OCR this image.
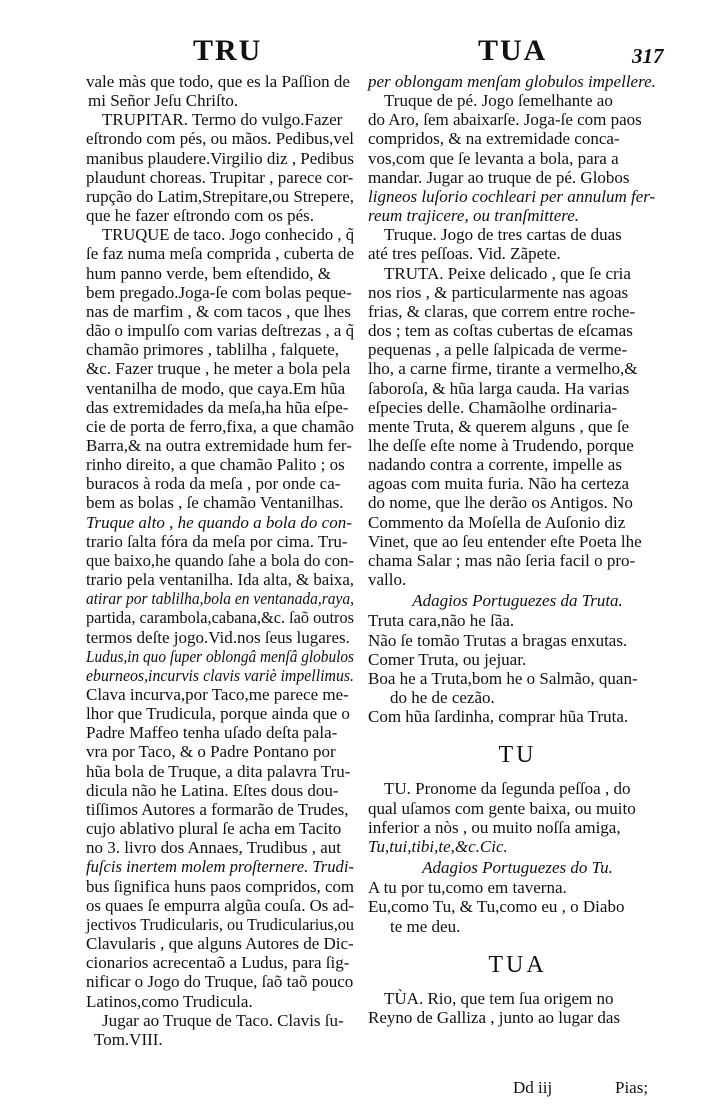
TRU	TUA	317
vale màs que todo, que es la Paſſion de
mi Señor Jeſu Chriſto.
TRUPITAR. Termo do vulgo.Fazer
eſtrondo com pés, ou mãos. Pedibus,vel
manibus plaudere.Virgilio diz , Pedibus
plaudunt choreas. Trupitar , parece cor-
rupção do Latim,Strepitare,ou Strepere,
que he fazer eſtrondo com os pés.
TRUQUE de taco. Jogo conhecido , q̃
ſe faz numa meſa comprida , cuberta de
hum panno verde, bem eſtendido, &
bem pregado.Joga-ſe com bolas peque-
nas de marfim , & com tacos , que lhes
dão o impulſo com varias deſtrezas , a q̃
chamão primores , tablilha , falquete,
&c. Fazer truque , he meter a bola pela
ventanilha de modo, que caya.Em hũa
das extremidades da meſa,ha hũa eſpe-
cie de porta de ferro,fixa, a que chamão
Barra,& na outra extremidade hum fer-
rinho direito, a que chamão Palito ; os
buracos à roda da meſa , por onde ca-
bem as bolas , ſe chamão Ventanilhas.
Truque alto , he quando a bola do con-
trario ſalta fóra da meſa por cima. Tru-
que baixo,he quando ſahe a bola do con-
trario pela ventanilha. Ida alta, & baixa,
atirar por tablilha,bola en ventanada,raya,
partida, carambola,cabana,&c. ſaõ outros
termos deſte jogo.Vid.nos ſeus lugares.
Ludus,in quo ſuper oblongâ menſâ globulos
eburneos,incurvis clavis variè impellimus.
Clava incurva,por Taco,me parece me-
lhor que Trudicula, porque ainda que o
Padre Maffeo tenha uſado deſta pala-
vra por Taco, & o Padre Pontano por
hũa bola de Truque, a dita palavra Tru-
dicula não he Latina. Eſtes dous dou-
tiſſimos Autores a formarão de Trudes,
cujo ablativo plural ſe acha em Tacito
no 3. livro dos Annaes, Trudibus , aut
fuſcis inertem molem proſternere. Trudi-
bus ſignifica huns paos compridos, com
os quaes ſe empurra algũa couſa. Os ad-
jectivos Trudicularis, ou Trudicularius,ou
Clavularis , que alguns Autores de Dic-
cionarios acrecentaõ a Ludus, para ſig-
nificar o Jogo do Truque, ſaõ taõ pouco
Latinos,como Trudicula.
Jugar ao Truque de Taco. Clavis ſu-
Tom.VIII.
per oblongam menſam globulos impellere.
Truque de pé. Jogo ſemelhante ao
do Aro, ſem abaixarſe. Joga-ſe com paos
compridos, & na extremidade conca-
vos,com que ſe levanta a bola, para a
mandar. Jugar ao truque de pé. Globos
ligneos luſorio cochleari per annulum fer-
reum trajicere, ou tranſmittere.
Truque. Jogo de tres cartas de duas
até tres peſſoas. Vid. Zãpete.
TRUTA. Peixe delicado , que ſe cria
nos rios , & particularmente nas agoas
frias, & claras, que correm entre roche-
dos ; tem as coſtas cubertas de eſcamas
pequenas , a pelle ſalpicada de verme-
lho, a carne firme, tirante a vermelho,&
ſaboroſa, & hũa larga cauda. Ha varias
eſpecies delle. Chamãolhe ordinaria-
mente Truta, & querem alguns , que ſe
lhe deſſe eſte nome à Trudendo, porque
nadando contra a corrente, impelle as
agoas com muita furia. Não ha certeza
do nome, que lhe derão os Antigos. No
Commento da Moſella de Auſonio diz
Vinet, que ao ſeu entender eſte Poeta lhe
chama Salar ; mas não ſeria facil o pro-
vallo.
Adagios Portuguezes da Truta.
Truta cara,não he ſãa.
Não ſe tomão Trutas a bragas enxutas.
Comer Truta, ou jejuar.
Boa he a Truta,bom he o Salmão, quan-
do he de cezão.
Com hũa ſardinha, comprar hũa Truta.
TU
TU. Pronome da ſegunda peſſoa , do
qual uſamos com gente baixa, ou muito
inferior a nòs , ou muito noſſa amiga,
Tu,tui,tibi,te,&c.Cic.
Adagios Portuguezes do Tu.
A tu por tu,como em taverna.
Eu,como Tu, & Tu,como eu , o Diabo
te me deu.
TUA
TÙA. Rio, que tem ſua origem no
Reyno de Galliza , junto ao lugar das
Dd iij	Pias;
